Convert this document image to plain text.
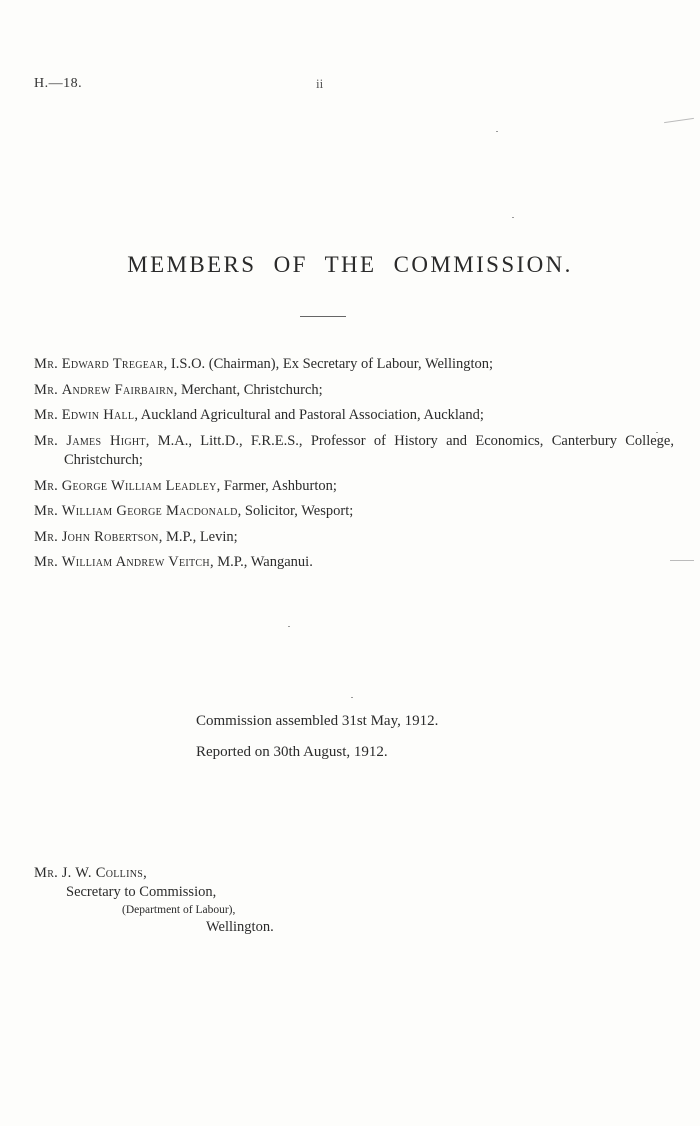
H.—18.	ii
MEMBERS OF THE COMMISSION.
Mr. Edward Tregear, I.S.O. (Chairman), Ex Secretary of Labour, Wellington;
Mr. Andrew Fairbairn, Merchant, Christchurch;
Mr. Edwin Hall, Auckland Agricultural and Pastoral Association, Auckland;
Mr. James Hight, M.A., Litt.D., F.R.E.S., Professor of History and Economics, Canterbury College, Christchurch;
Mr. George William Leadley, Farmer, Ashburton;
Mr. William George Macdonald, Solicitor, Wesport;
Mr. John Robertson, M.P., Levin;
Mr. William Andrew Veitch, M.P., Wanganui.
Commission assembled 31st May, 1912.
Reported on 30th August, 1912.
Mr. J. W. Collins,
Secretary to Commission,
(Department of Labour),
Wellington.
